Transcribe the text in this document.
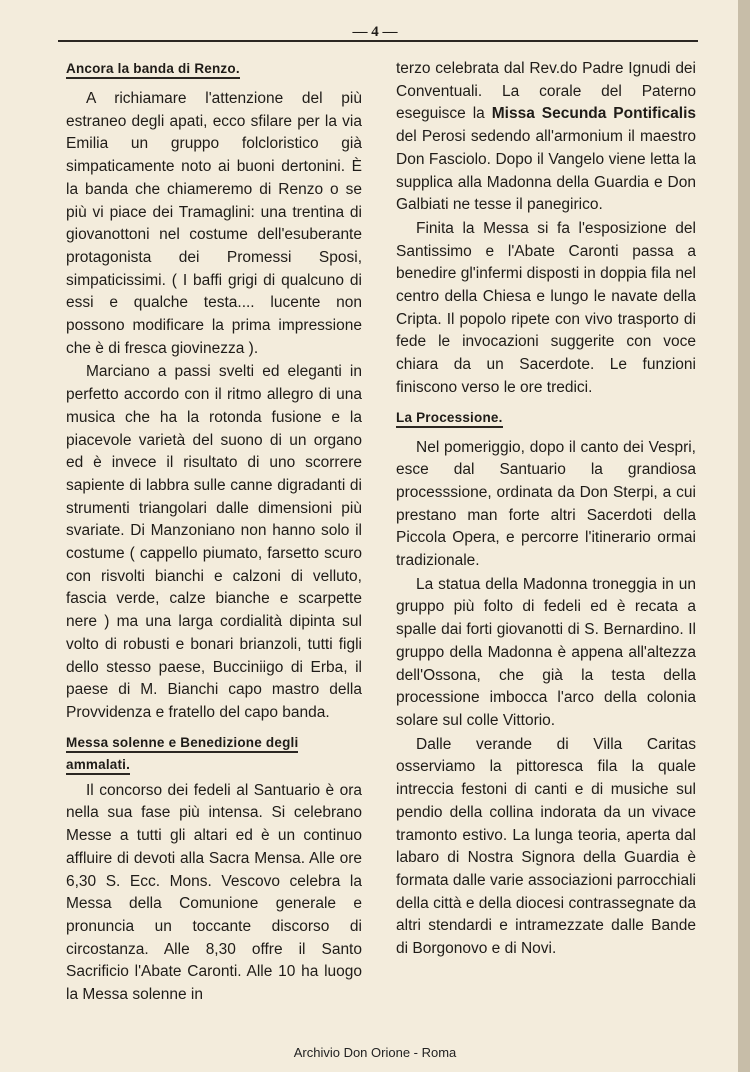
— 4 —
Ancora la banda di Renzo.

A richiamare l'attenzione del più estraneo degli apati, ecco sfilare per la via Emilia un gruppo folcloristico già simpaticamente noto ai buoni dertonini. È la banda che chiameremo di Renzo o se più vi piace dei Tramaglini: una trentina di giovanottoni nel costume dell'esuberante protagonista dei Promessi Sposi, simpaticissimi. ( I baffi grigi di qualcuno di essi e qualche testa.... lucente non possono modificare la prima impressione che è di fresca giovinezza ).

Marciano a passi svelti ed eleganti in perfetto accordo con il ritmo allegro di una musica che ha la rotonda fusione e la piacevole varietà del suono di un organo ed è invece il risultato di uno scorrere sapiente di labbra sulle canne digradanti di strumenti triangolari dalle dimensioni più svariate. Di Manzoniano non hanno solo il costume ( cappello piumato, farsetto scuro con risvolti bianchi e calzoni di velluto, fascia verde, calze bianche e scarpette nere ) ma una larga cordialità dipinta sul volto di robusti e bonari brianzoli, tutti figli dello stesso paese, Bucciniigo di Erba, il paese di M. Bianchi capo mastro della Provvidenza e fratello del capo banda.

Messa solenne e Benedizione degli ammalati.

Il concorso dei fedeli al Santuario è ora nella sua fase più intensa. Si celebrano Messe a tutti gli altari ed è un continuo affluire di devoti alla Sacra Mensa. Alle ore 6,30 S. Ecc. Mons. Vescovo celebra la Messa della Comunione generale e pronuncia un toccante discorso di circostanza. Alle 8,30 offre il Santo Sacrificio l'Abate Caronti. Alle 10 ha luogo la Messa solenne in

terzo celebrata dal Rev.do Padre Ignudi dei Conventuali. La corale del Paterno eseguisce la Missa Secunda Pontificalis del Perosi sedendo all'armonium il maestro Don Fasciolo. Dopo il Vangelo viene letta la supplica alla Madonna della Guardia e Don Galbiati ne tesse il panegirico.

Finita la Messa si fa l'esposizione del Santissimo e l'Abate Caronti passa a benedire gl'infermi disposti in doppia fila nel centro della Chiesa e lungo le navate della Cripta. Il popolo ripete con vivo trasporto di fede le invocazioni suggerite con voce chiara da un Sacerdote. Le funzioni finiscono verso le ore tredici.

La Processione.

Nel pomeriggio, dopo il canto dei Vespri, esce dal Santuario la grandiosa processsione, ordinata da Don Sterpi, a cui prestano man forte altri Sacerdoti della Piccola Opera, e percorre l'itinerario ormai tradizionale.

La statua della Madonna troneggia in un gruppo più folto di fedeli ed è recata a spalle dai forti giovanotti di S. Bernardino. Il gruppo della Madonna è appena all'altezza dell'Ossona, che già la testa della processione imbocca l'arco della colonia solare sul colle Vittorio.

Dalle verande di Villa Caritas osserviamo la pittoresca fila la quale intreccia festoni di canti e di musiche sul pendio della collina indorata da un vivace tramonto estivo. La lunga teoria, aperta dal labaro di Nostra Signora della Guardia è formata dalle varie associazioni parrocchiali della città e della diocesi contrassegnate da altri stendardi e intramezzate dalle Bande di Borgonovo e di Novi.

Archivio Don Orione - Roma
